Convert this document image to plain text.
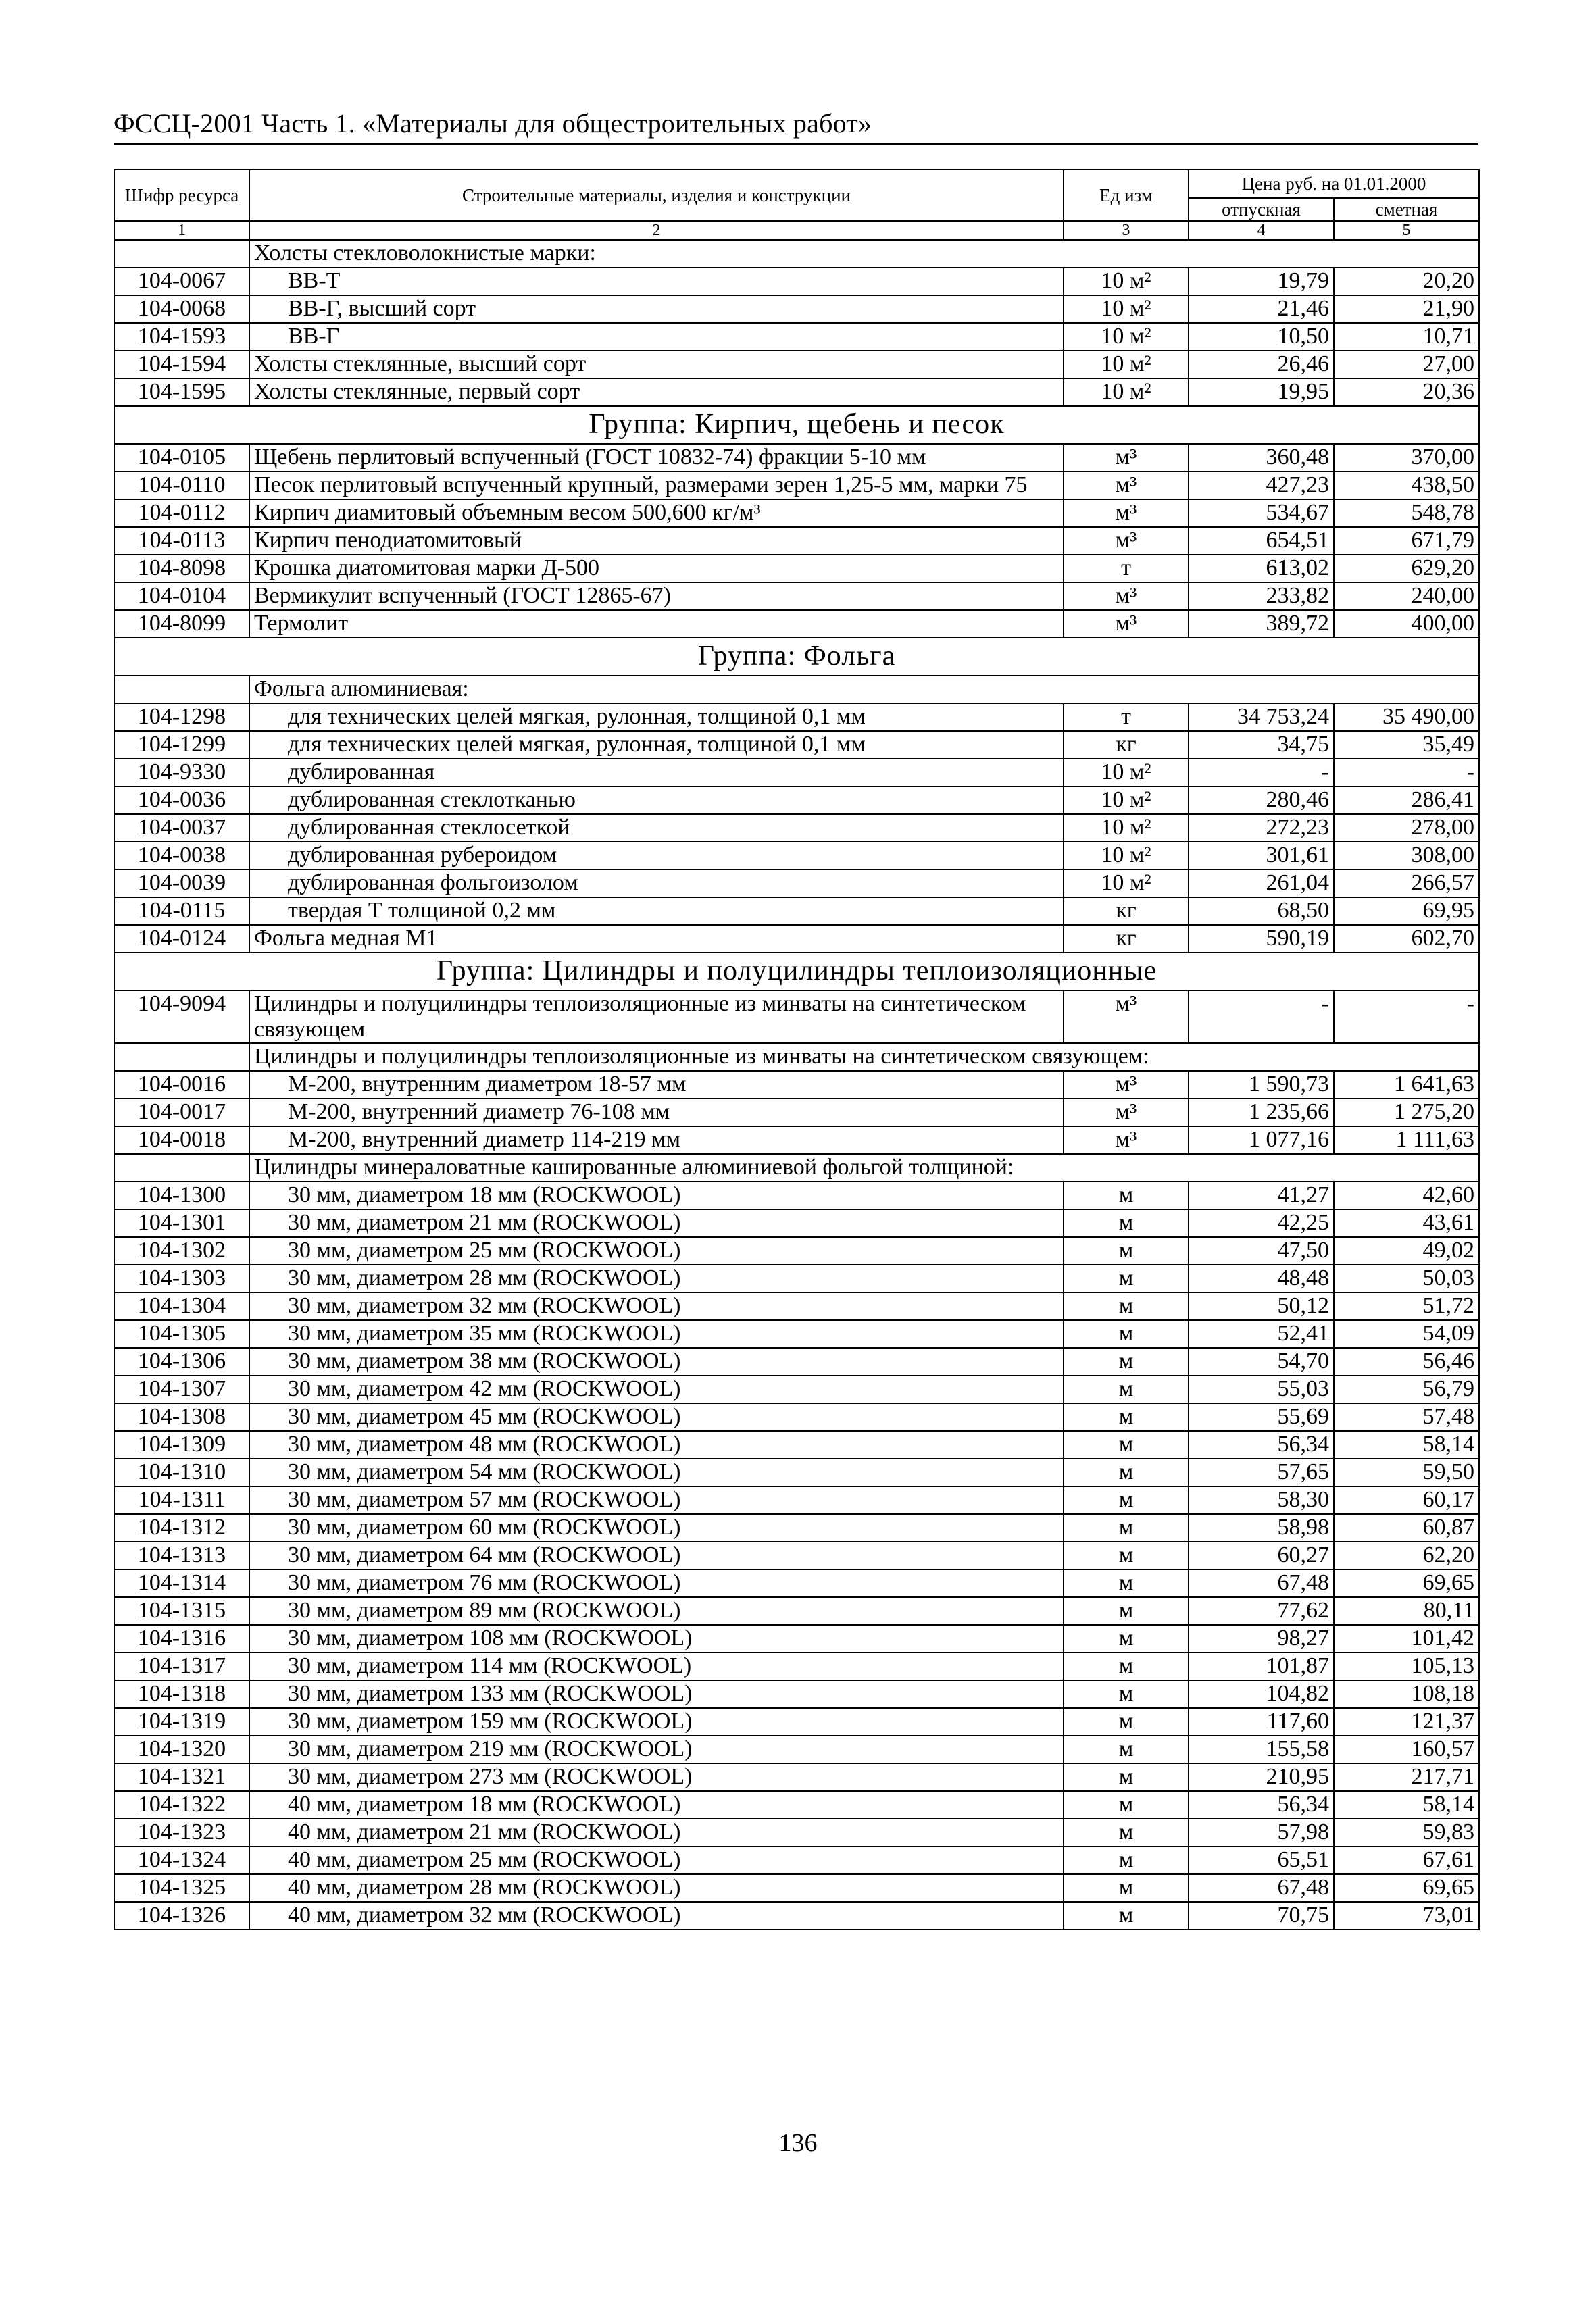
ФССЦ-2001 Часть 1. «Материалы для общестроительных работ»
Шифр ресурса	Строительные материалы, изделия и конструкции	Ед изм	Цена руб. на 01.01.2000	
			отпускная	сметная
1	2	3	4	5
	Холсты стекловолокнистые марки:			
104-0067	ВВ-Т	10 м²	19,79	20,20
104-0068	ВВ-Г, высший сорт	10 м²	21,46	21,90
104-1593	ВВ-Г	10 м²	10,50	10,71
104-1594	Холсты стеклянные, высший сорт	10 м²	26,46	27,00
104-1595	Холсты стеклянные, первый сорт	10 м²	19,95	20,36
Группа: Кирпич, щебень и песок				
104-0105	Щебень перлитовый вспученный (ГОСТ 10832-74) фракции 5-10 мм	м³	360,48	370,00
104-0110	Песок перлитовый вспученный крупный, размерами зерен 1,25-5 мм, марки 75	м³	427,23	438,50
104-0112	Кирпич диамитовый объемным весом 500,600 кг/м³	м³	534,67	548,78
104-0113	Кирпич пенодиатомитовый	м³	654,51	671,79
104-8098	Крошка диатомитовая марки Д-500	т	613,02	629,20
104-0104	Вермикулит вспученный (ГОСТ 12865-67)	м³	233,82	240,00
104-8099	Термолит	м³	389,72	400,00
Группа: Фольга				
	Фольга алюминиевая:			
104-1298	для технических целей мягкая, рулонная, толщиной 0,1 мм	т	34 753,24	35 490,00
104-1299	для технических целей мягкая, рулонная, толщиной 0,1 мм	кг	34,75	35,49
104-9330	дублированная	10 м²	-	-
104-0036	дублированная стеклотканью	10 м²	280,46	286,41
104-0037	дублированная стеклосеткой	10 м²	272,23	278,00
104-0038	дублированная рубероидом	10 м²	301,61	308,00
104-0039	дублированная фольгоизолом	10 м²	261,04	266,57
104-0115	твердая Т толщиной 0,2 мм	кг	68,50	69,95
104-0124	Фольга медная М1	кг	590,19	602,70
Группа: Цилиндры и полуцилиндры теплоизоляционные				
104-9094	Цилиндры и полуцилиндры теплоизоляционные из минваты на синтетическом связующем	м³	-	-
	Цилиндры и полуцилиндры теплоизоляционные из минваты на синтетическом связующем:			
104-0016	М-200, внутренним диаметром 18-57 мм	м³	1 590,73	1 641,63
104-0017	М-200, внутренний диаметр 76-108 мм	м³	1 235,66	1 275,20
104-0018	М-200, внутренний диаметр 114-219 мм	м³	1 077,16	1 111,63
	Цилиндры минераловатные кашированные алюминиевой фольгой толщиной:			
104-1300	30 мм, диаметром 18 мм (ROCKWOOL)	м	41,27	42,60
104-1301	30 мм, диаметром 21 мм (ROCKWOOL)	м	42,25	43,61
104-1302	30 мм, диаметром 25 мм (ROCKWOOL)	м	47,50	49,02
104-1303	30 мм, диаметром 28 мм (ROCKWOOL)	м	48,48	50,03
104-1304	30 мм, диаметром 32 мм (ROCKWOOL)	м	50,12	51,72
104-1305	30 мм, диаметром 35 мм (ROCKWOOL)	м	52,41	54,09
104-1306	30 мм, диаметром 38 мм (ROCKWOOL)	м	54,70	56,46
104-1307	30 мм, диаметром 42 мм (ROCKWOOL)	м	55,03	56,79
104-1308	30 мм, диаметром 45 мм (ROCKWOOL)	м	55,69	57,48
104-1309	30 мм, диаметром 48 мм (ROCKWOOL)	м	56,34	58,14
104-1310	30 мм, диаметром 54 мм (ROCKWOOL)	м	57,65	59,50
104-1311	30 мм, диаметром 57 мм (ROCKWOOL)	м	58,30	60,17
104-1312	30 мм, диаметром 60 мм (ROCKWOOL)	м	58,98	60,87
104-1313	30 мм, диаметром 64 мм (ROCKWOOL)	м	60,27	62,20
104-1314	30 мм, диаметром 76 мм (ROCKWOOL)	м	67,48	69,65
104-1315	30 мм, диаметром 89 мм (ROCKWOOL)	м	77,62	80,11
104-1316	30 мм, диаметром 108 мм (ROCKWOOL)	м	98,27	101,42
104-1317	30 мм, диаметром 114 мм (ROCKWOOL)	м	101,87	105,13
104-1318	30 мм, диаметром 133 мм (ROCKWOOL)	м	104,82	108,18
104-1319	30 мм, диаметром 159 мм (ROCKWOOL)	м	117,60	121,37
104-1320	30 мм, диаметром 219 мм (ROCKWOOL)	м	155,58	160,57
104-1321	30 мм, диаметром 273 мм (ROCKWOOL)	м	210,95	217,71
104-1322	40 мм, диаметром 18 мм (ROCKWOOL)	м	56,34	58,14
104-1323	40 мм, диаметром 21 мм (ROCKWOOL)	м	57,98	59,83
104-1324	40 мм, диаметром 25 мм (ROCKWOOL)	м	65,51	67,61
104-1325	40 мм, диаметром 28 мм (ROCKWOOL)	м	67,48	69,65
104-1326	40 мм, диаметром 32 мм (ROCKWOOL)	м	70,75	73,01
136
